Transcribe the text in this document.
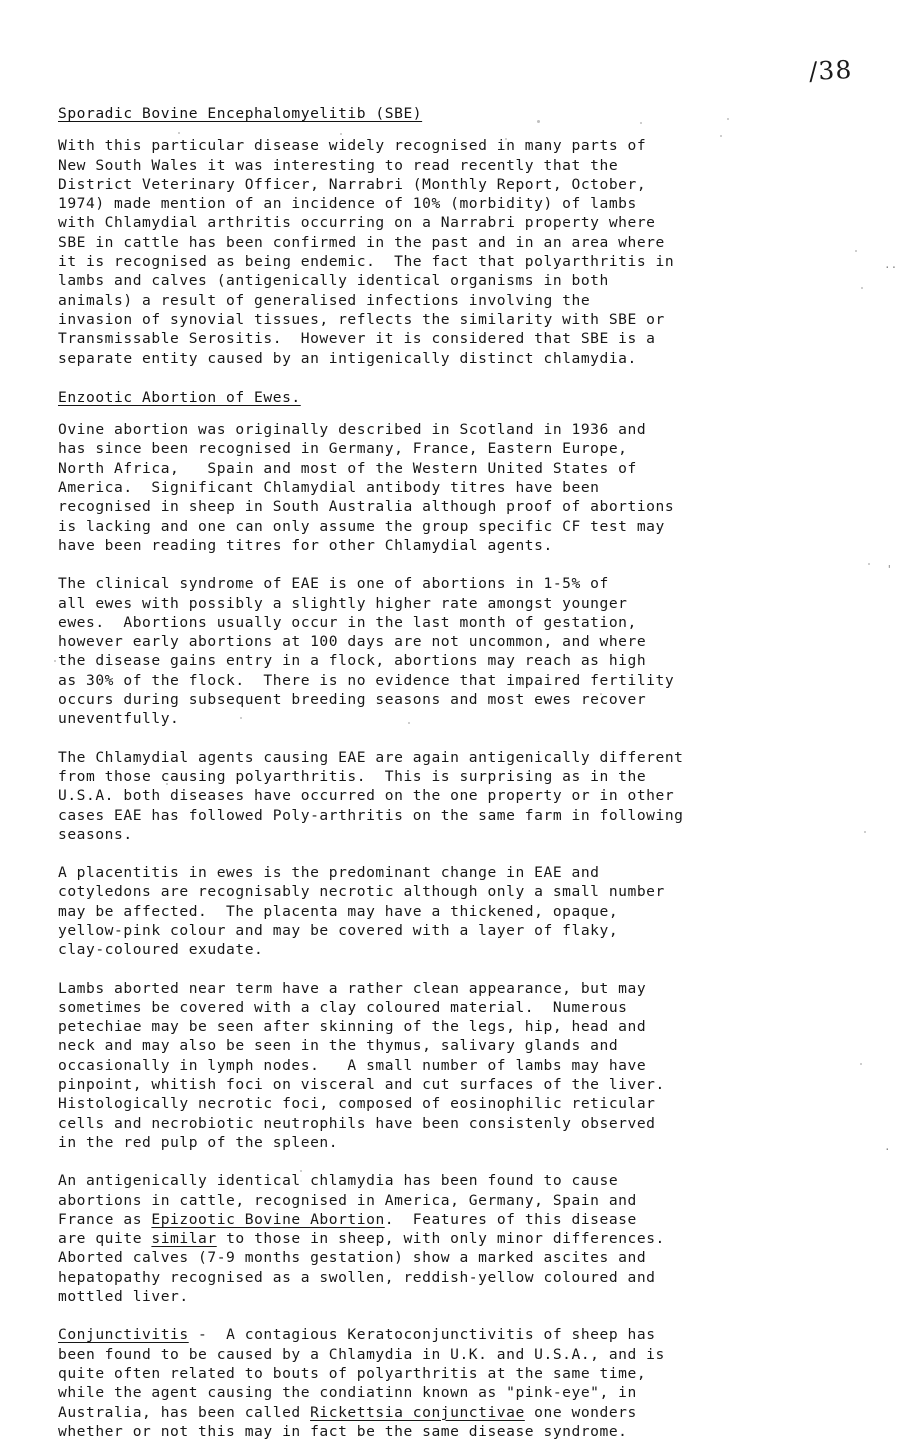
/38
..
'
.
Sporadic Bovine Encephalomyelitib (SBE)
With this particular disease widely recognised in many parts of
New South Wales it was interesting to read recently that the
District Veterinary Officer, Narrabri (Monthly Report, October,
1974) made mention of an incidence of 10% (morbidity) of lambs
with Chlamydial arthritis occurring on a Narrabri property where
SBE in cattle has been confirmed in the past and in an area where
it is recognised as being endemic.  The fact that polyarthritis in
lambs and calves (antigenically identical organisms in both
animals) a result of generalised infections involving the
invasion of synovial tissues, reflects the similarity with SBE or
Transmissable Serositis.  However it is considered that SBE is a
separate entity caused by an intigenically distinct chlamydia.
Enzootic Abortion of Ewes.
Ovine abortion was originally described in Scotland in 1936 and
has since been recognised in Germany, France, Eastern Europe,
North Africa,   Spain and most of the Western United States of
America.  Significant Chlamydial antibody titres have been
recognised in sheep in South Australia although proof of abortions
is lacking and one can only assume the group specific CF test may
have been reading titres for other Chlamydial agents.
The clinical syndrome of EAE is one of abortions in 1-5% of
all ewes with possibly a slightly higher rate amongst younger
ewes.  Abortions usually occur in the last month of gestation,
however early abortions at 100 days are not uncommon, and where
the disease gains entry in a flock, abortions may reach as high
as 30% of the flock.  There is no evidence that impaired fertility
occurs during subsequent breeding seasons and most ewes recover
uneventfully.
The Chlamydial agents causing EAE are again antigenically different
from those causing polyarthritis.  This is surprising as in the
U.S.A. both diseases have occurred on the one property or in other
cases EAE has followed Poly-arthritis on the same farm in following
seasons.
A placentitis in ewes is the predominant change in EAE and
cotyledons are recognisably necrotic although only a small number
may be affected.  The placenta may have a thickened, opaque,
yellow-pink colour and may be covered with a layer of flaky,
clay-coloured exudate.
Lambs aborted near term have a rather clean appearance, but may
sometimes be covered with a clay coloured material.  Numerous
petechiae may be seen after skinning of the legs, hip, head and
neck and may also be seen in the thymus, salivary glands and
occasionally in lymph nodes.   A small number of lambs may have
pinpoint, whitish foci on visceral and cut surfaces of the liver.
Histologically necrotic foci, composed of eosinophilic reticular
cells and necrobiotic neutrophils have been consistenly observed
in the red pulp of the spleen.
An antigenically identical chlamydia has been found to cause
abortions in cattle, recognised in America, Germany, Spain and
France as Epizootic Bovine Abortion.  Features of this disease
are quite similar to those in sheep, with only minor differences.
Aborted calves (7-9 months gestation) show a marked ascites and
hepatopathy recognised as a swollen, reddish-yellow coloured and
mottled liver.
Conjunctivitis -  A contagious Keratoconjunctivitis of sheep has
been found to be caused by a Chlamydia in U.K. and U.S.A., and is
quite often related to bouts of polyarthritis at the same time,
while the agent causing the condiatinn known as "pink-eye", in
Australia, has been called Rickettsia conjunctivae one wonders
whether or not this may in fact be the same disease syndrome.
